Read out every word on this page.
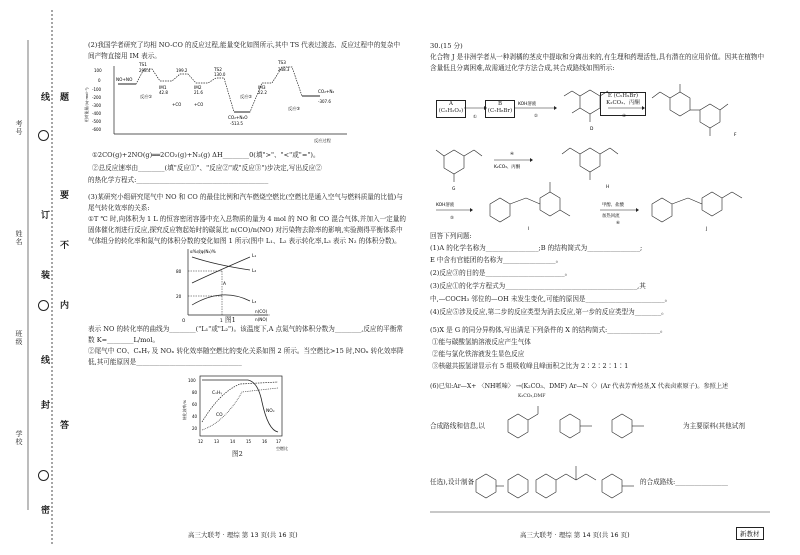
学校
班级
姓名
考号
线 题
订
要
不
装
内
线
封
密
答
(2)我国学者研究了均相 NO-CO 的反应过程,能量变化如图所示,其中 TS 代表过渡态、反应过程中的复杂中间产物直接用 IM 表示。
100
0
-100
-200
-300
-400
-500
-600
相对能量/(kJ·mol⁻¹)
NO+NO
TS1
298.4
IM1
42.8
199.2
IM2
21.6
TS2
130.0
CO₂+N₂O
-513.5
IM3
22.2
TS3
248.3
CO₂+N₂
-307.6
反应①
+CO
反应②
+CO
反应③
反应过程
①2CO(g)+2NO(g)══2CO₂(g)+N₂(g) ΔH________0(填">"、"<"或"=")。
②总反应速率由________(填"反应①"、"反应②"或"反应③")步决定,写出反应②
的热化学方程式:________________________________________
(3)某研究小组研究尾气中 NO 和 CO 的最佳比例和汽车燃烧空燃比(空燃比是通入空气与燃料质量的比值)与尾气转化效率的关系:
①T ℃ 时,向体积为 1 L 的恒容密闭容器中充入总物质的量为 4 mol 的 NO 和 CO 混合气体,并加入一定量的固体催化剂进行反应,探究反应物起始时的碳氮比 n(CO)/n(NO) 对污染物去除率的影响,实验测得平衡体系中气体组分的转化率和氮气的体积分数的变化如图 1 所示(图中 L₁、L₂ 表示转化率,L₃ 表示 N₂ 的体积分数)。
α%或φ(N₂)%
80
20
O	1
L₁
L₂
L₃
A
n(CO)
n(NO)
图1
表示 NO 的转化率的曲线为________("L₁"或"L₂")。该温度下,A 点氮气的体积分数为________,反应的平衡常数 K=________L/mol。
②尾气中 CO、CₓHᵧ 及 NOₓ 转化效率随空燃比的变化关系如图 2 所示。当空燃比>15 时,NOₓ 转化效率降低,其可能原因是________________________________
100
80
60
40
20
转化效率/%
12	13	14	15	16 17
空燃比
CₓHᵧ
CO
NOₓ
图2
高三大联考 · 理综 第 13 页(共 16 页)
30.(15 分)
化合物 J 是非洲学者从一种剥橘的茎皮中提取和分离出来的,有生理和药理活性,具有潜在的应用价值。因其在植物中含量低且分离困难,故需通过化学方法合成,其合成路线如图所示:
A (C₂H₂O₂)
B (C₇H₈Br)
E (C₅H₉Br) K₂CO₃、丙酮
①
KOH溶液
②
D
③
F
G
K₂CO₃、丙酮
④
H
KOH溶液
⑤
I
甲醇、盐酸
加热回流
⑥
J
回答下列问题:
(1)A 的化学名称为________________;B 的结构简式为________________;
E 中含有官能团的名称为________________。
(2)反应③的目的是________________________。
(3)反应①的化学方程式为________________________________________,其
中,—COCH₃ 邻位的—OH 未发生变化,可能的原因是________________________。
(4)反应⑤涉及反应,第二步的反应类型为消去反应,第一步的反应类型为________。
(5)X 是 G 的同分异构体,写出满足下列条件的 X 的结构简式:________________。
①能与碳酸氢钠溶液反应产生气体
②能与氯化铁溶液发生显色反应
③核磁共振氢谱显示有 5 组吸收峰且峰面积之比为 2∶2∶2∶1∶1
(6)已知:Ar—X+ 〈NH哌嗪〉 →(K₂CO₃、DMF) Ar—N〈〉(Ar 代表芳香烃基,X 代表卤素原子)。参照上述
K₂CO₃,DMF
合成路线和信息,以	为主要原料(其他试剂
任选),设计制备	的合成路线:________________
高三大联考 · 理综 第 14 页(共 16 页)	新教材
